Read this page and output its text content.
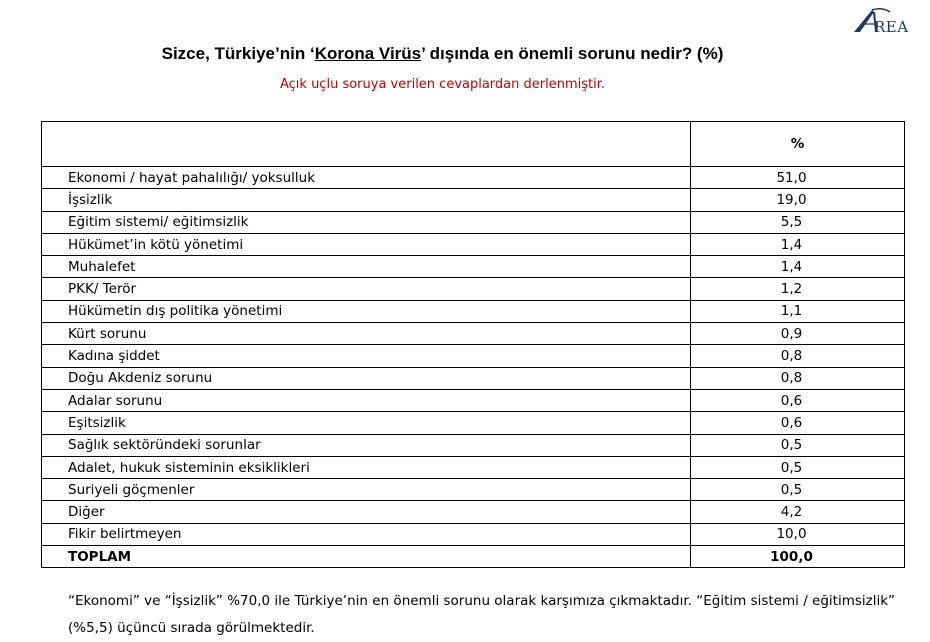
REA
Sizce, Türkiye’nin ‘Korona Virüs’ dışında en önemli sorunu nedir? (%)
Açık uçlu soruya verilen cevaplardan derlenmiştir.
	%
Ekonomi / hayat pahalılığı/ yoksulluk	51,0
İşsizlik	19,0
Eğitim sistemi/ eğitimsizlik	5,5
Hükümet’in kötü yönetimi	1,4
Muhalefet	1,4
PKK/ Terör	1,2
Hükümetin dış politika yönetimi	1,1
Kürt sorunu	0,9
Kadına şiddet	0,8
Doğu Akdeniz sorunu	0,8
Adalar sorunu	0,6
Eşitsizlik	0,6
Sağlık sektöründeki sorunlar	0,5
Adalet, hukuk sisteminin eksiklikleri	0,5
Suriyeli göçmenler	0,5
Diğer	4,2
Fikir belirtmeyen	10,0
TOPLAM	100,0
“Ekonomi” ve “İşsizlik” %70,0 ile Türkiye’nin en önemli sorunu olarak karşımıza çıkmaktadır. “Eğitim sistemi / eğitimsizlik” (%5,5) üçüncü sırada görülmektedir.
